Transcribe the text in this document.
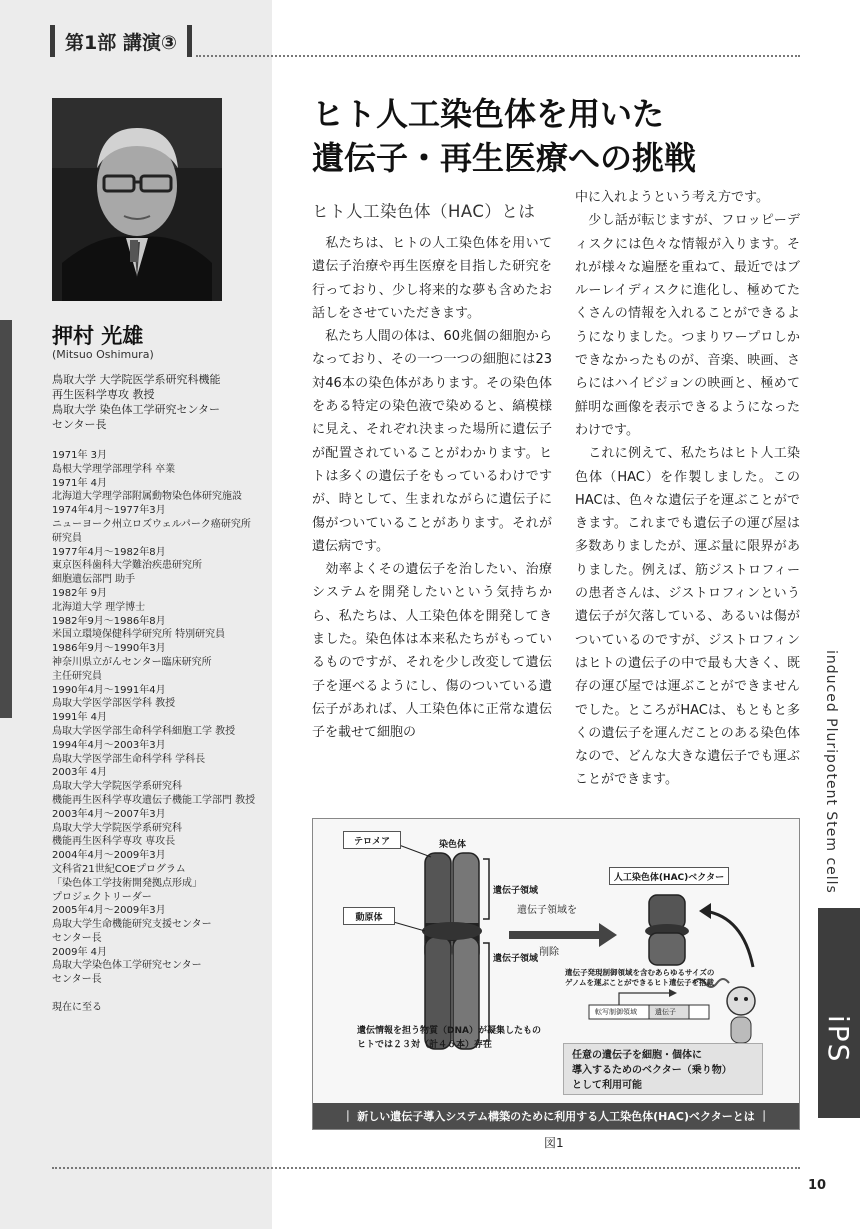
第1部 講演③
押村 光雄
(Mitsuo Oshimura)
鳥取大学 大学院医学系研究科機能
再生医科学専攻 教授
鳥取大学 染色体工学研究センター
センター長
1971年 3月
島根大学理学部理学科 卒業
1971年 4月
北海道大学理学部附属動物染色体研究施設
1974年4月～1977年3月
ニューヨーク州立ロズウェルパーク癌研究所
研究員
1977年4月～1982年8月
東京医科歯科大学難治疾患研究所
細胞遺伝部門 助手
1982年 9月
北海道大学 理学博士
1982年9月～1986年8月
米国立環境保健科学研究所 特別研究員
1986年9月～1990年3月
神奈川県立がんセンター臨床研究所
主任研究員
1990年4月～1991年4月
鳥取大学医学部医学科 教授
1991年 4月
鳥取大学医学部生命科学科細胞工学 教授
1994年4月～2003年3月
鳥取大学医学部生命科学科 学科長
2003年 4月
鳥取大学大学院医学系研究科
機能再生医科学専攻遺伝子機能工学部門 教授
2003年4月～2007年3月
鳥取大学大学院医学系研究科
機能再生医科学専攻 専攻長
2004年4月～2009年3月
文科省21世紀COEプログラム
「染色体工学技術開発拠点形成」
プロジェクトリーダー
2005年4月～2009年3月
鳥取大学生命機能研究支援センター
センター長
2009年 4月
鳥取大学染色体工学研究センター
センター長

現在に至る
ヒト人工染色体を用いた
遺伝子・再生医療への挑戦
ヒト人工染色体（HAC）とは
　私たちは、ヒトの人工染色体を用いて遺伝子治療や再生医療を目指した研究を行っており、少し将来的な夢も含めたお話しをさせていただきます。
　私たち人間の体は、60兆個の細胞からなっており、その一つ一つの細胞には23対46本の染色体があります。その染色体をある特定の染色液で染めると、縞模様に見え、それぞれ決まった場所に遺伝子が配置されていることがわかります。ヒトは多くの遺伝子をもっているわけですが、時として、生まれながらに遺伝子に傷がついていることがあります。それが遺伝病です。
　効率よくその遺伝子を治したい、治療システムを開発したいという気持ちから、私たちは、人工染色体を開発してきました。染色体は本来私たちがもっているものですが、それを少し改変して遺伝子を運べるようにし、傷のついている遺伝子があれば、人工染色体に正常な遺伝子を載せて細胞の
中に入れようという考え方です。
　少し話が転じますが、フロッピーディスクには色々な情報が入ります。それが様々な遍歴を重ねて、最近ではブルーレイディスクに進化し、極めてたくさんの情報を入れることができるようになりました。つまりワープロしかできなかったものが、音楽、映画、さらにはハイビジョンの映画と、極めて鮮明な画像を表示できるようになったわけです。
　これに例えて、私たちはヒト人工染色体（HAC）を作製しました。このHACは、色々な遺伝子を運ぶことができます。これまでも遺伝子の運び屋は多数ありましたが、運ぶ量に限界がありました。例えば、筋ジストロフィーの患者さんは、ジストロフィンという遺伝子が欠落している、あるいは傷がついているのですが、ジストロフィンはヒトの遺伝子の中で最も大きく、既存の運び屋では運ぶことができませんでした。ところがHACは、もともと多くの遺伝子を運んだことのある染色体なので、どんな大きな遺伝子でも運ぶことができます。	induced Pluripotent Stem cells
iPS
テロメア	染色体
動原体
遺伝子領域
遺伝子領域
遺伝子領域を
削除
人工染色体(HAC)ベクター
遺伝子発現制御領域を含むあらゆるサイズの
ゲノムを運ぶことができるヒト遺伝子を搭載
転写制御領域	遺伝子
遺伝情報を担う物質（DNA）が凝集したもの
ヒトでは２３対（計４６本）存在
任意の遺伝子を細胞・個体に
導入するためのベクター（乗り物）
として利用可能
｜ 新しい遺伝子導入システム構築のために利用する人工染色体(HAC)ベクターとは ｜
図1
10
